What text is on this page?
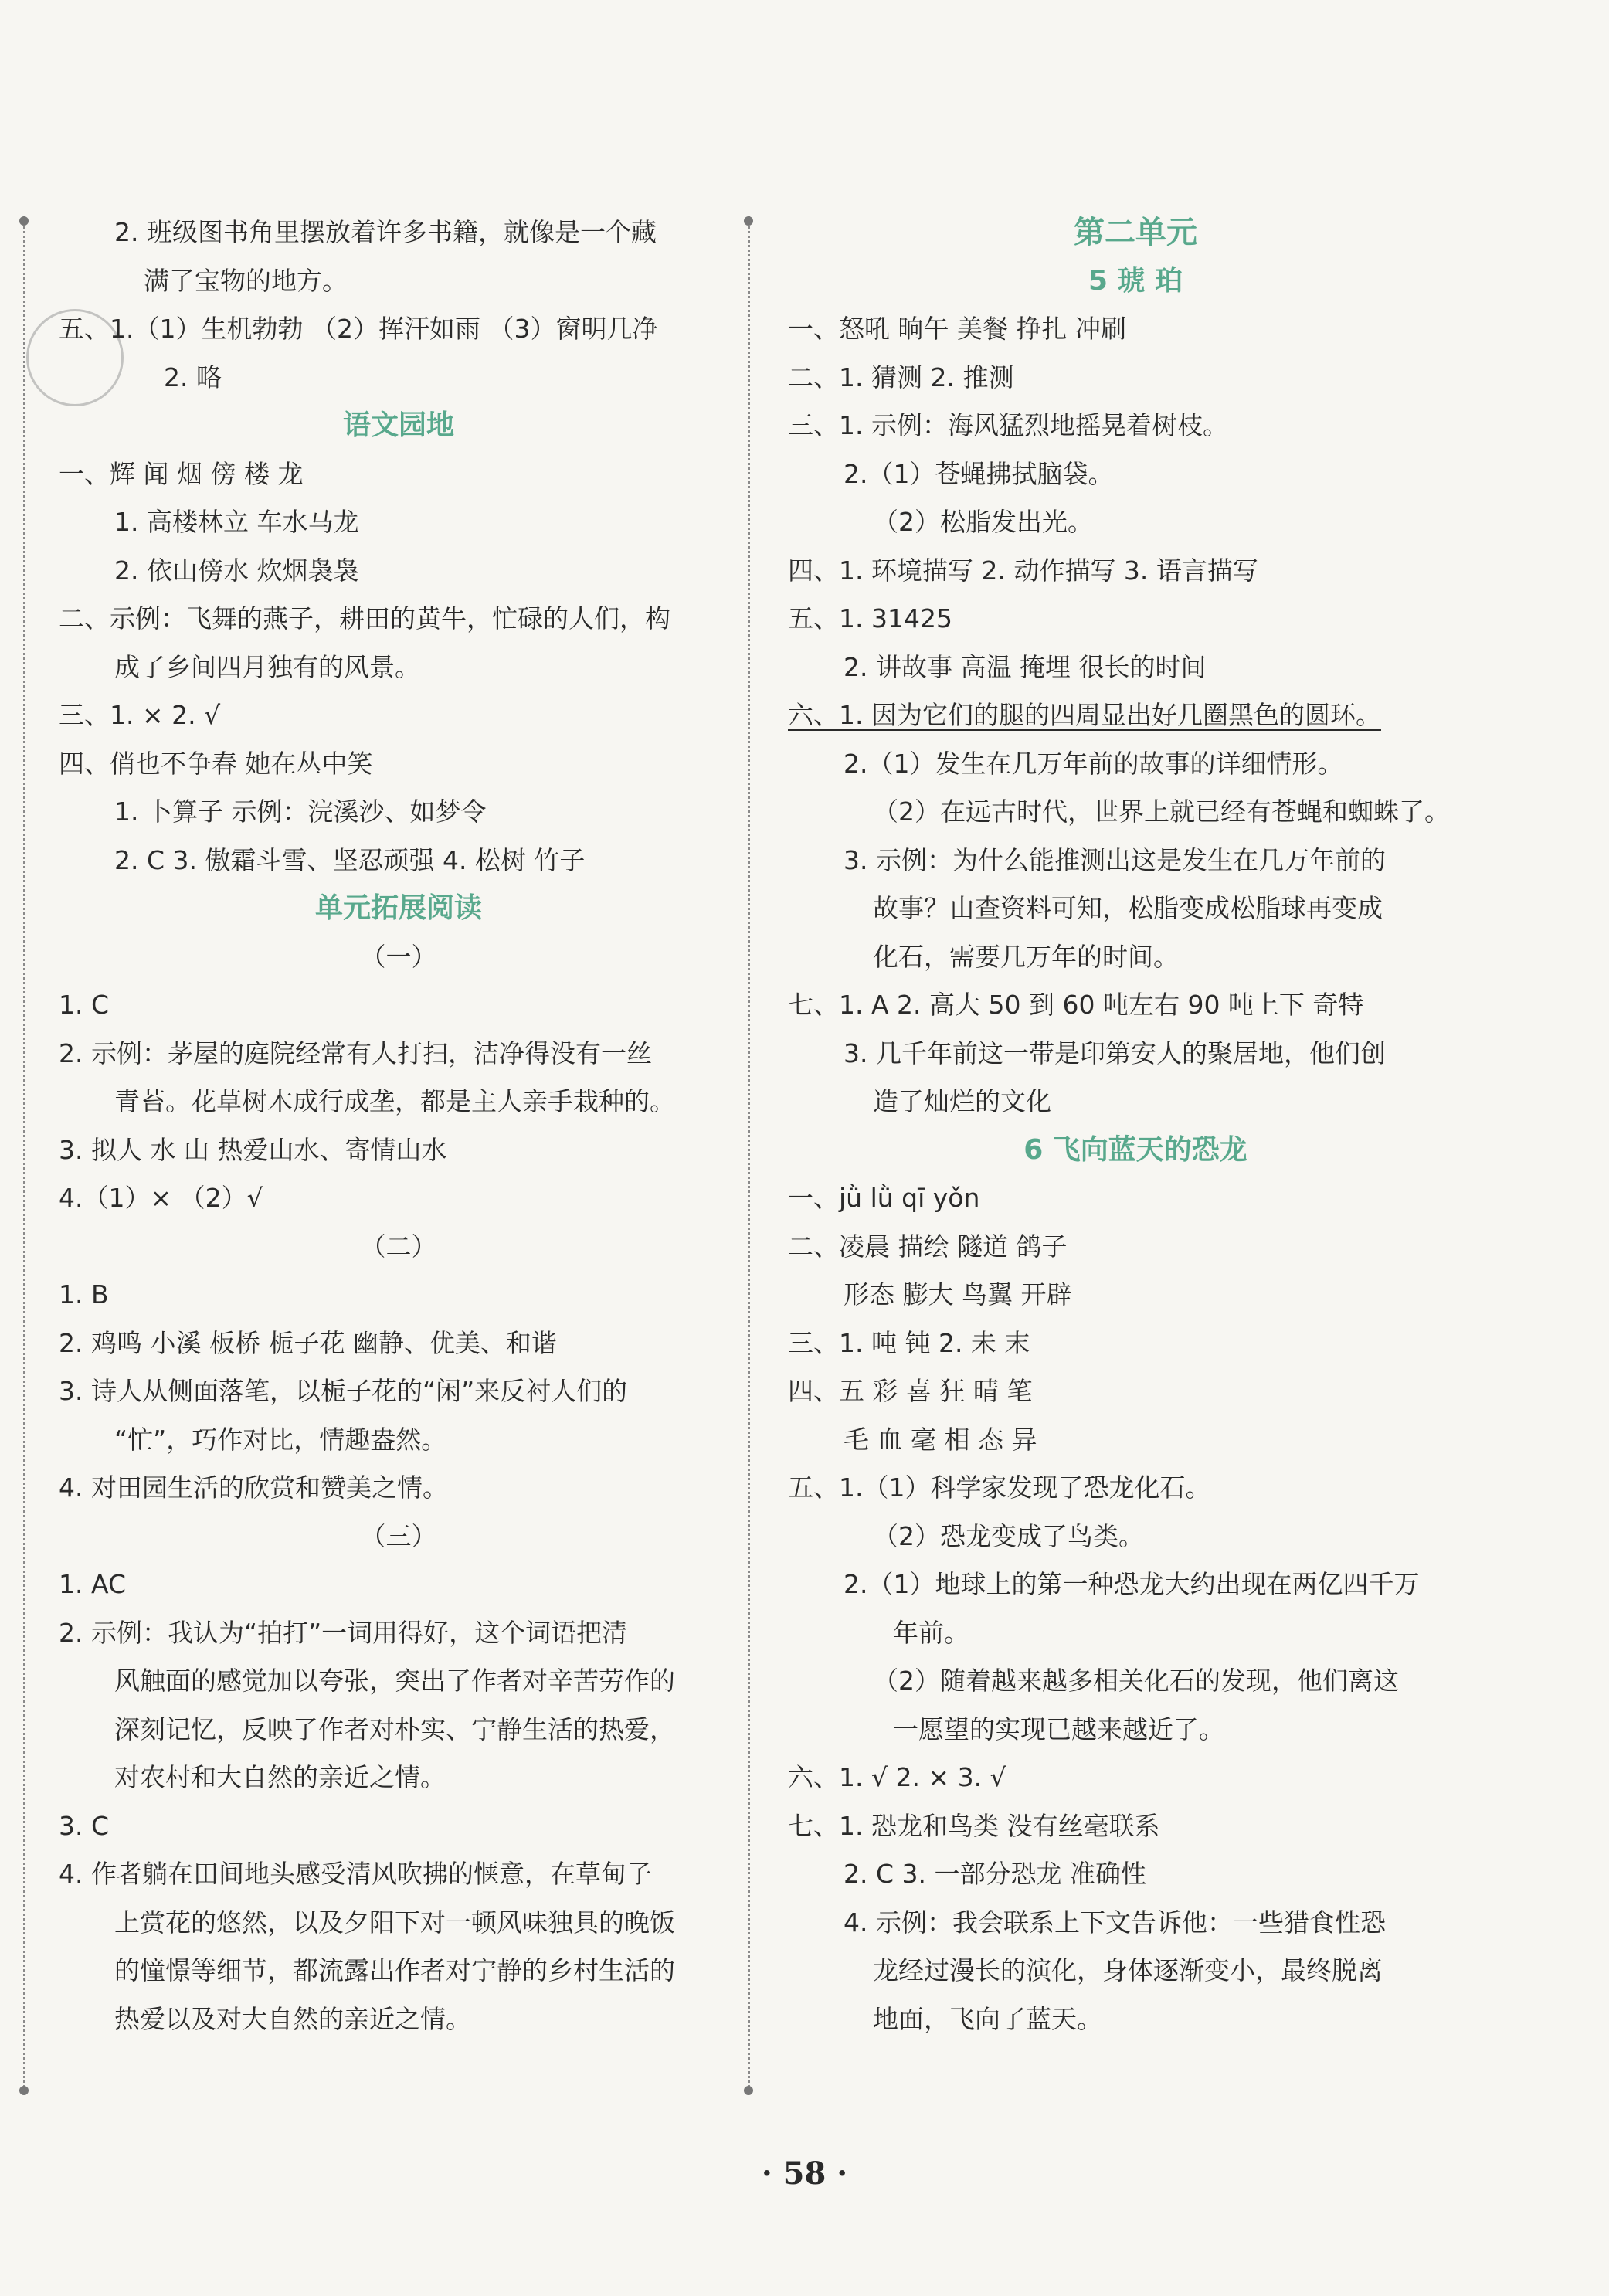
2. 班级图书角里摆放着许多书籍，就像是一个藏
满了宝物的地方。
五、1.（1）生机勃勃 （2）挥汗如雨 （3）窗明几净
2. 略
语文园地
一、辉 闻 烟 傍 楼 龙
1. 高楼林立 车水马龙
2. 依山傍水 炊烟袅袅
二、示例：飞舞的燕子，耕田的黄牛，忙碌的人们，构
成了乡间四月独有的风景。
三、1. × 2. √
四、俏也不争春 她在丛中笑
1. 卜算子 示例：浣溪沙、如梦令
2. C 3. 傲霜斗雪、坚忍顽强 4. 松树 竹子
单元拓展阅读
（一）
1. C
2. 示例：茅屋的庭院经常有人打扫，洁净得没有一丝
青苔。花草树木成行成垄，都是主人亲手栽种的。
3. 拟人 水 山 热爱山水、寄情山水
4.（1）× （2）√
（二）
1. B
2. 鸡鸣 小溪 板桥 栀子花 幽静、优美、和谐
3. 诗人从侧面落笔，以栀子花的“闲”来反衬人们的
“忙”，巧作对比，情趣盎然。
4. 对田园生活的欣赏和赞美之情。
（三）
1. AC
2. 示例：我认为“拍打”一词用得好，这个词语把清
风触面的感觉加以夸张，突出了作者对辛苦劳作的
深刻记忆，反映了作者对朴实、宁静生活的热爱，
对农村和大自然的亲近之情。
3. C
4. 作者躺在田间地头感受清风吹拂的惬意，在草甸子
上赏花的悠然，以及夕阳下对一顿风味独具的晚饭
的憧憬等细节，都流露出作者对宁静的乡村生活的
热爱以及对大自然的亲近之情。
第二单元
5 琥 珀
一、怒吼 晌午 美餐 挣扎 冲刷
二、1. 猜测 2. 推测
三、1. 示例：海风猛烈地摇晃着树枝。
2.（1）苍蝇拂拭脑袋。
（2）松脂发出光。
四、1. 环境描写 2. 动作描写 3. 语言描写
五、1. 31425
2. 讲故事 高温 掩埋 很长的时间
六、1. 因为它们的腿的四周显出好几圈黑色的圆环。
2.（1）发生在几万年前的故事的详细情形。
（2）在远古时代，世界上就已经有苍蝇和蜘蛛了。
3. 示例：为什么能推测出这是发生在几万年前的
故事？由查资料可知，松脂变成松脂球再变成
化石，需要几万年的时间。
七、1. A 2. 高大 50 到 60 吨左右 90 吨上下 奇特
3. 几千年前这一带是印第安人的聚居地，他们创
造了灿烂的文化
6 飞向蓝天的恐龙
一、jǜ lǜ qī yǒn
二、凌晨 描绘 隧道 鸽子
形态 膨大 鸟翼 开辟
三、1. 吨 钝 2. 未 末
四、五 彩 喜 狂 晴 笔
毛 血 毫 相 态 异
五、1.（1）科学家发现了恐龙化石。
（2）恐龙变成了鸟类。
2.（1）地球上的第一种恐龙大约出现在两亿四千万
年前。
（2）随着越来越多相关化石的发现，他们离这
一愿望的实现已越来越近了。
六、1. √ 2. × 3. √
七、1. 恐龙和鸟类 没有丝毫联系
2. C 3. 一部分恐龙 准确性
4. 示例：我会联系上下文告诉他：一些猎食性恐
龙经过漫长的演化，身体逐渐变小，最终脱离
地面，飞向了蓝天。
· 58 ·
